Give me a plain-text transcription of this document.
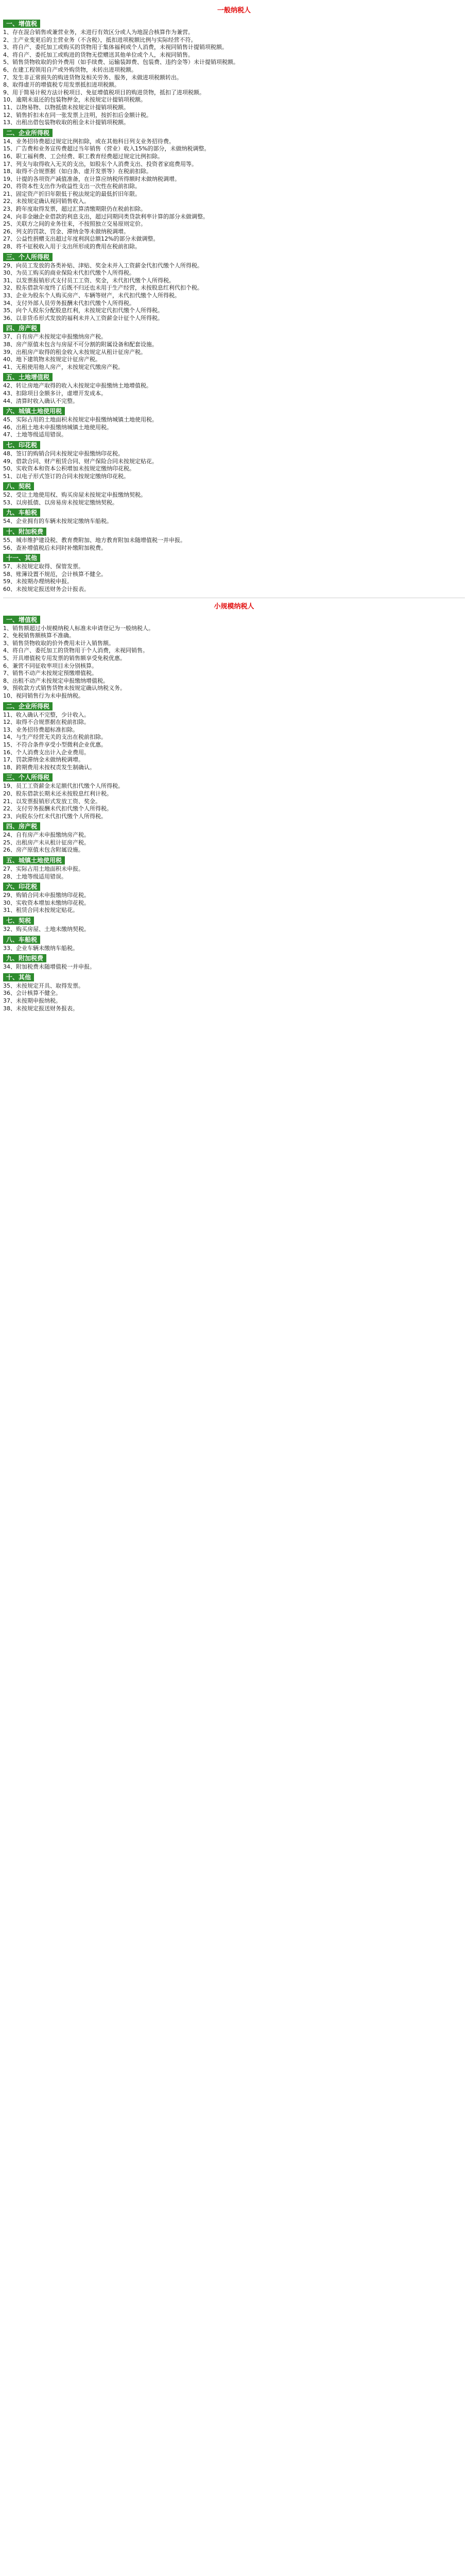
一般纳税人
一、增值税

1、存在混合销售或兼营业务，未进行有效区分或人为地混合核算作为兼营。

2、主产业变更后的主营业务（不含税），抵扣进项税额比例与实际经营不符。

3、将自产、委托加工或购买的货物用于集体福利或个人消费，未视同销售计提销项税额。

4、将自产、委托加工或购进的货物无偿赠送其他单位或个人，未视同销售。

5、销售货物收取的价外费用（如手续费、运输装卸费、包装费、违约金等）未计提销项税额。

6、在建工程领用自产或外购货物，未转出进项税额。

7、发生非正常损失的购进货物及相关劳务、服务，未做进项税额转出。

8、取得虚开的增值税专用发票抵扣进项税额。

9、用于简易计税方法计税项目、免征增值税项目的购进货物，抵扣了进项税额。

10、逾期未退还的包装物押金，未按规定计提销项税额。

11、以物易物、以物抵债未按规定计提销项税额。

12、销售折扣未在同一张发票上注明，按折扣后金额计税。

13、出租出借包装物收取的租金未计提销项税额。

二、企业所得税

14、业务招待费超过规定比例扣除，或在其他科目列支业务招待费。

15、广告费和业务宣传费超过当年销售（营业）收入15%的部分，未做纳税调整。

16、职工福利费、工会经费、职工教育经费超过规定比例扣除。

17、列支与取得收入无关的支出，如股东个人消费支出、投资者家庭费用等。

18、取得不合规票据（如白条、虚开发票等）在税前扣除。

19、计提的各项资产减值准备，在计算应纳税所得额时未做纳税调增。

20、将资本性支出作为收益性支出一次性在税前扣除。

21、固定资产折旧年限低于税法规定的最低折旧年限。

22、未按规定确认视同销售收入。

23、跨年度取得发票，超过汇算清缴期限仍在税前扣除。

24、向非金融企业借款的利息支出，超过同期同类贷款利率计算的部分未做调整。

25、关联方之间的业务往来，不按照独立交易原则定价。

26、列支的罚款、罚金、滞纳金等未做纳税调增。

27、公益性捐赠支出超过年度利润总额12%的部分未做调整。

28、将不征税收入用于支出所形成的费用在税前扣除。

三、个人所得税

29、向员工发放的各类补贴、津贴、奖金未并入工资薪金代扣代缴个人所得税。

30、为员工购买的商业保险未代扣代缴个人所得税。

31、以发票报销形式支付员工工资、奖金，未代扣代缴个人所得税。

32、股东借款年度终了后既不归还也未用于生产经营，未按股息红利代扣个税。

33、企业为股东个人购买房产、车辆等财产，未代扣代缴个人所得税。

34、支付外部人员劳务报酬未代扣代缴个人所得税。

35、向个人股东分配股息红利，未按规定代扣代缴个人所得税。

36、以非货币形式发放的福利未并入工资薪金计征个人所得税。

四、房产税

37、自有房产未按规定申报缴纳房产税。

38、房产原值未包含与房屋不可分割的附属设备和配套设施。

39、出租房产取得的租金收入未按规定从租计征房产税。

40、地下建筑物未按规定计征房产税。

41、无租使用他人房产，未按规定代缴房产税。

五、土地增值税

42、转让房地产取得的收入未按规定申报缴纳土地增值税。

43、扣除项目金额多计，虚增开发成本。

44、清算时收入确认不完整。

六、城镇土地使用税

45、实际占用的土地面积未按规定申报缴纳城镇土地使用税。

46、出租土地未申报缴纳城镇土地使用税。

47、土地等级适用错误。

七、印花税

48、签订的购销合同未按规定申报缴纳印花税。

49、借款合同、财产租赁合同、财产保险合同未按规定贴花。

50、实收资本和资本公积增加未按规定缴纳印花税。

51、以电子形式签订的合同未按规定缴纳印花税。

八、契税

52、受让土地使用权、购买房屋未按规定申报缴纳契税。

53、以房抵债、以房易房未按规定缴纳契税。

九、车船税

54、企业拥有的车辆未按规定缴纳车船税。

十、附加税费

55、城市维护建设税、教育费附加、地方教育附加未随增值税一并申报。

56、查补增值税后未同时补缴附加税费。

十一、其他

57、未按规定取得、保管发票。

58、账簿设置不规范，会计核算不健全。

59、未按期办理纳税申报。

60、未按规定报送财务会计报表。

小规模纳税人
一、增值税

1、销售额超过小规模纳税人标准未申请登记为一般纳税人。

2、免税销售额核算不准确。

3、销售货物收取的价外费用未计入销售额。

4、将自产、委托加工的货物用于个人消费，未视同销售。

5、开具增值税专用发票的销售额享受免税优惠。

6、兼营不同征收率项目未分别核算。

7、销售不动产未按规定预缴增值税。

8、出租不动产未按规定申报缴纳增值税。

9、预收款方式销售货物未按规定确认纳税义务。

10、视同销售行为未申报纳税。

二、企业所得税

11、收入确认不完整，少计收入。

12、取得不合规票据在税前扣除。

13、业务招待费超标准扣除。

14、与生产经营无关的支出在税前扣除。

15、不符合条件享受小型微利企业优惠。

16、个人消费支出计入企业费用。

17、罚款滞纳金未做纳税调增。

18、跨期费用未按权责发生制确认。

三、个人所得税

19、员工工资薪金未足额代扣代缴个人所得税。

20、股东借款长期未还未按股息红利计税。

21、以发票报销形式发放工资、奖金。

22、支付劳务报酬未代扣代缴个人所得税。

23、向股东分红未代扣代缴个人所得税。

四、房产税

24、自有房产未申报缴纳房产税。

25、出租房产未从租计征房产税。

26、房产原值未包含附属设施。

五、城镇土地使用税

27、实际占用土地面积未申报。

28、土地等级适用错误。

六、印花税

29、购销合同未申报缴纳印花税。

30、实收资本增加未缴纳印花税。

31、租赁合同未按规定贴花。

七、契税

32、购买房屋、土地未缴纳契税。

八、车船税

33、企业车辆未缴纳车船税。

九、附加税费

34、附加税费未随增值税一并申报。

十、其他

35、未按规定开具、取得发票。

36、会计核算不健全。

37、未按期申报纳税。

38、未按规定报送财务报表。
